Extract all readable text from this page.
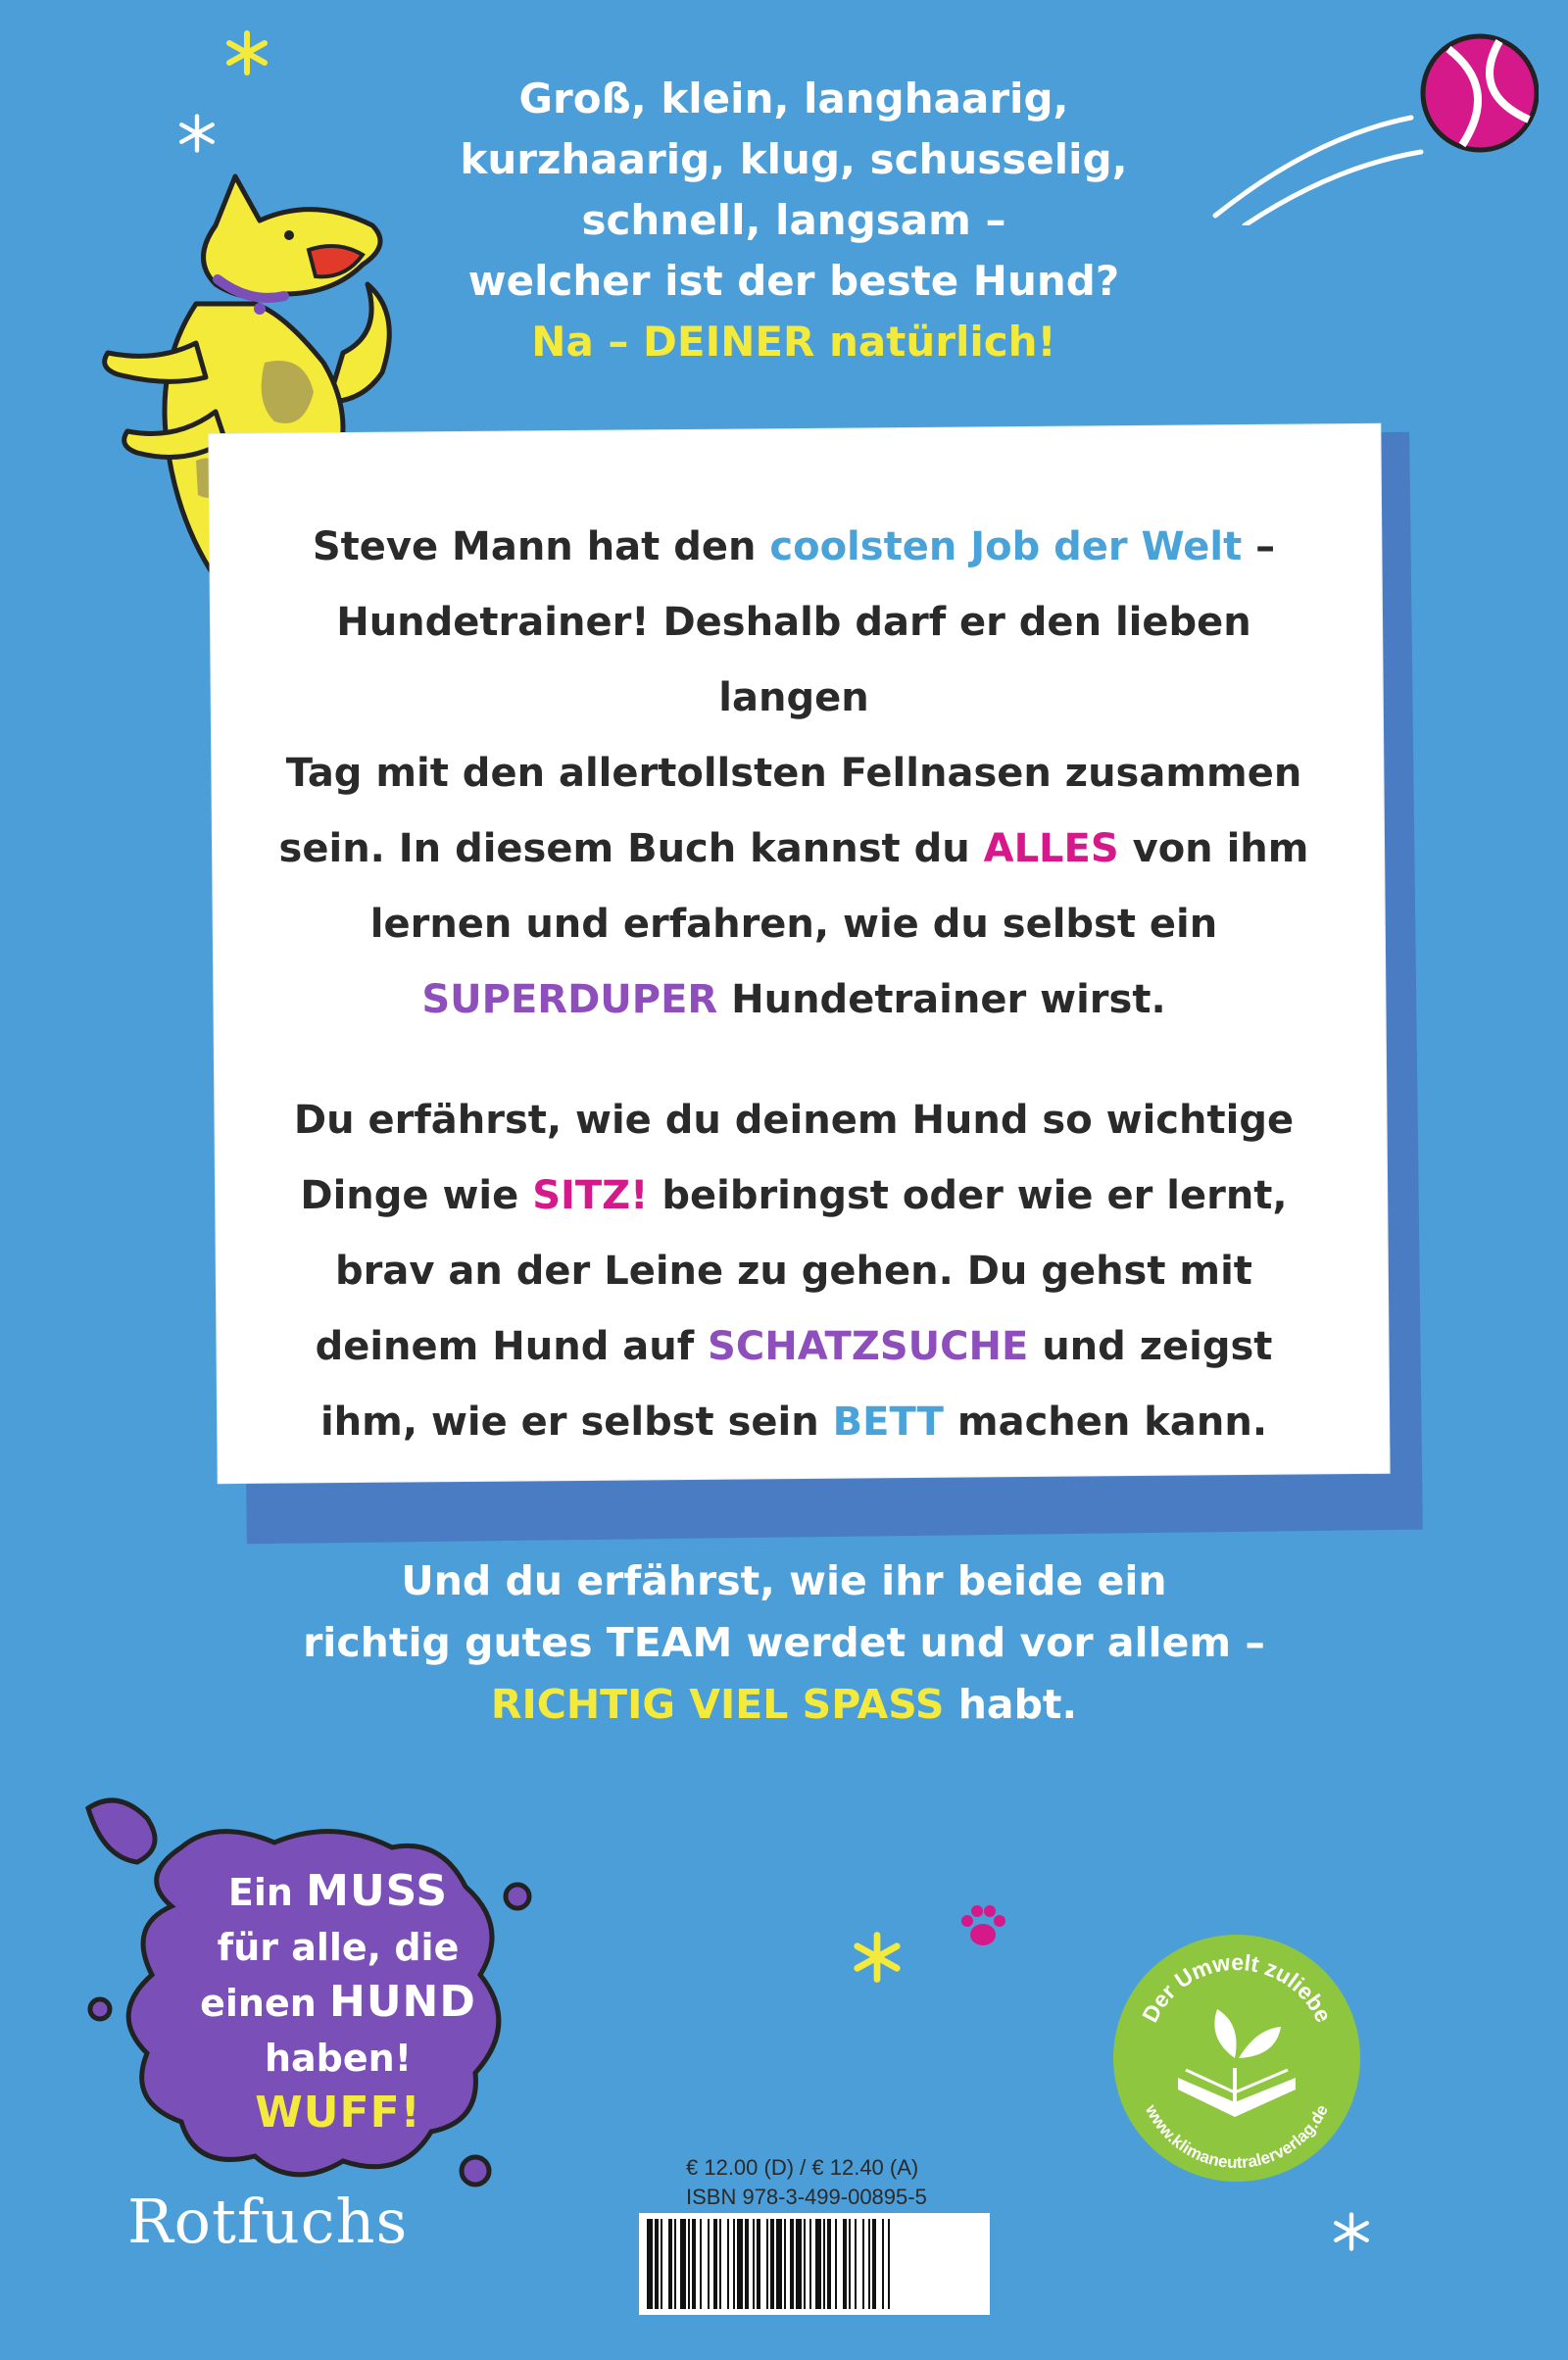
Groß, klein, langhaarig,
kurzhaarig, klug, schusselig,
schnell, langsam –
welcher ist der beste Hund?
Na – DEINER natürlich!
Steve Mann hat den coolsten Job der Welt –
Hundetrainer! Deshalb darf er den lieben langen
Tag mit den allertollsten Fellnasen zusammen
sein. In diesem Buch kannst du ALLES von ihm
lernen und erfahren, wie du selbst ein
SUPERDUPER Hundetrainer wirst.
Du erfährst, wie du deinem Hund so wichtige
Dinge wie SITZ! beibringst oder wie er lernt,
brav an der Leine zu gehen. Du gehst mit
deinem Hund auf SCHATZSUCHE und zeigst
ihm, wie er selbst sein BETT machen kann.
Und du erfährst, wie ihr beide ein
richtig gutes TEAM werdet und vor allem –
RICHTIG VIEL SPASS habt.
Ein MUSS
für alle, die
einen HUND
haben!
WUFF!
Der Umwelt zuliebe
www.klimaneutralerverlag.de
Rotfuchs
€ 12.00 (D) / € 12.40 (A)
ISBN 978-3-499-00895-5
